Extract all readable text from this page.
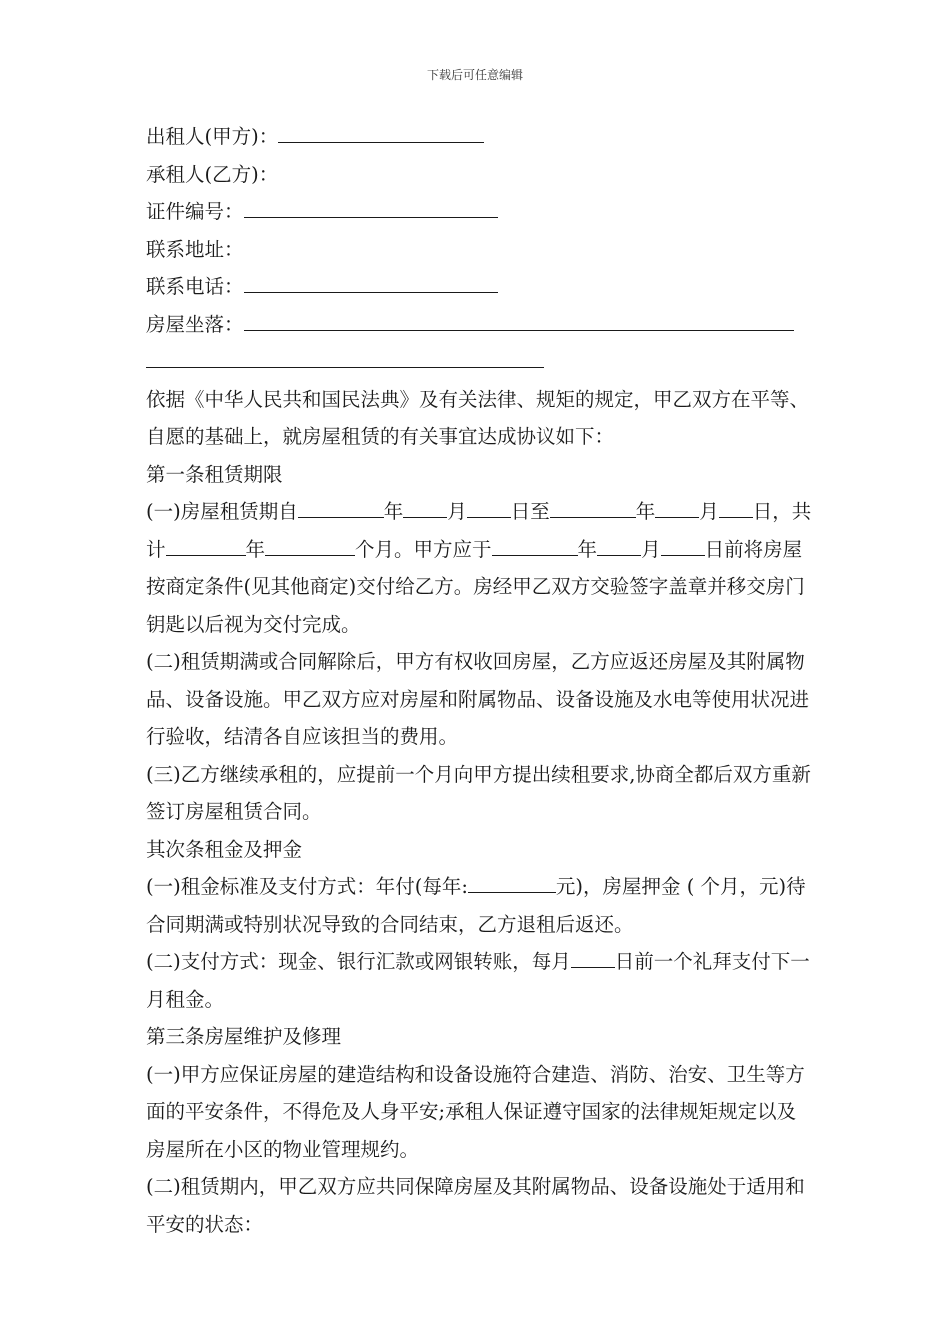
下载后可任意编辑
出租人(甲方)：
承租人(乙方)：
证件编号：
联系地址：
联系电话：
房屋坐落：
依据《中华人民共和国民法典》及有关法律、规矩的规定，甲乙双方在平等、自愿的基础上，就房屋租赁的有关事宜达成协议如下：
第一条租赁期限
(一)房屋租赁期自	年 月 日至	年 月 日，共计	年	个月。甲方应于	年 月 日前将房屋按商定条件(见其他商定)交付给乙方。房经甲乙双方交验签字盖章并移交房门钥匙以后视为交付完成。
(二)租赁期满或合同解除后，甲方有权收回房屋，乙方应返还房屋及其附属物品、设备设施。甲乙双方应对房屋和附属物品、设备设施及水电等使用状况进行验收，结清各自应该担当的费用。
(三)乙方继续承租的，应提前一个月向甲方提出续租要求,协商全都后双方重新签订房屋租赁合同。
其次条租金及押金
(一)租金标准及支付方式：年付(每年:	元)，房屋押金 ( 个月，元)待合同期满或特别状况导致的合同结束，乙方退租后返还。
(二)支付方式：现金、银行汇款或网银转账，每月 日前一个礼拜支付下一月租金。
第三条房屋维护及修理
(一)甲方应保证房屋的建造结构和设备设施符合建造、消防、治安、卫生等方面的平安条件，不得危及人身平安;承租人保证遵守国家的法律规矩规定以及房屋所在小区的物业管理规约。
(二)租赁期内，甲乙双方应共同保障房屋及其附属物品、设备设施处于适用和平安的状态：
